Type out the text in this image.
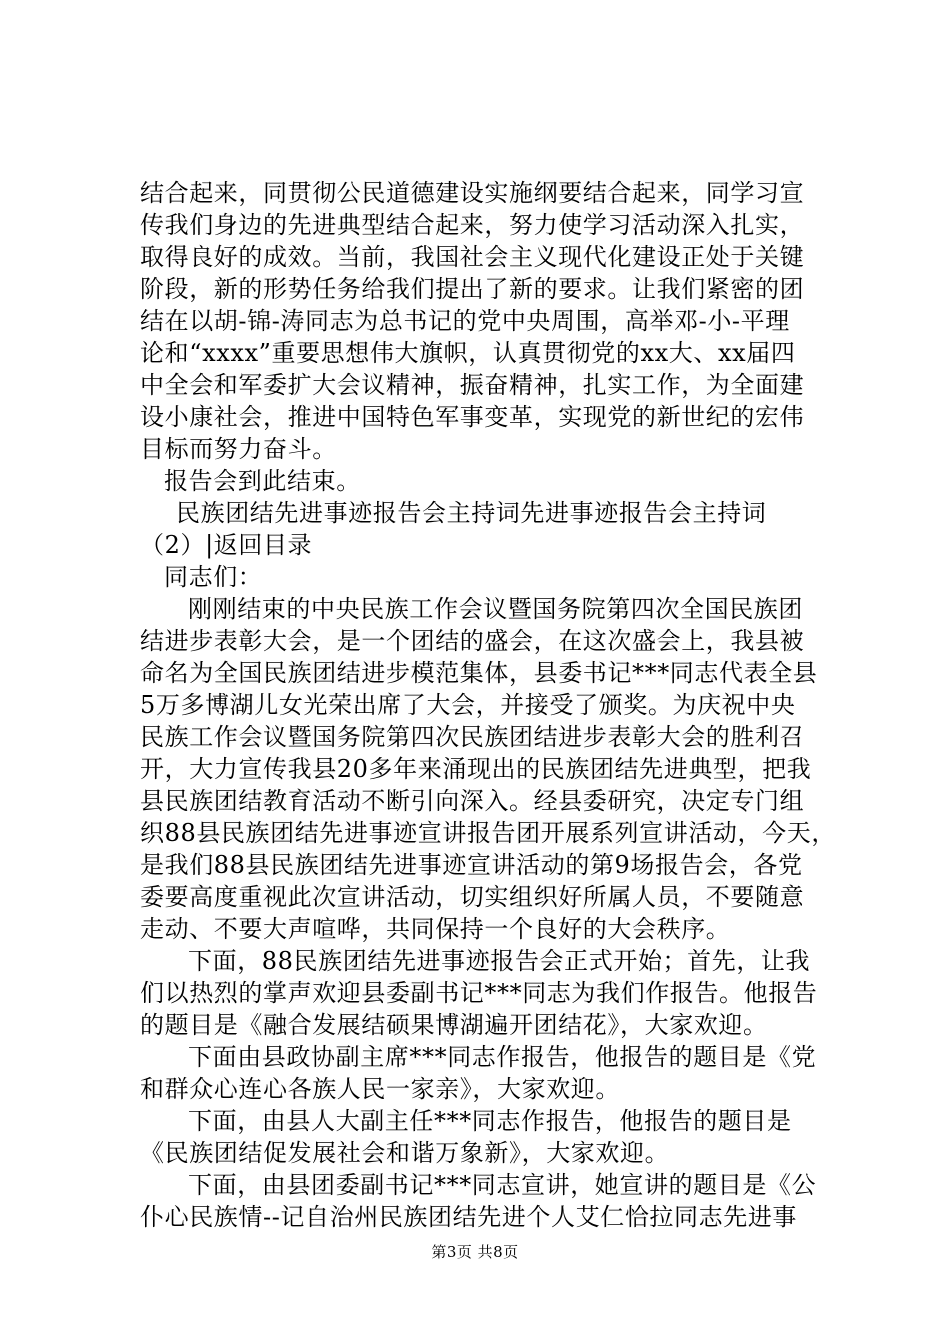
结合起来，同贯彻公民道德建设实施纲要结合起来，同学习宣
传我们身边的先进典型结合起来，努力使学习活动深入扎实，
取得良好的成效。当前，我国社会主义现代化建设正处于关键
阶段，新的形势任务给我们提出了新的要求。让我们紧密的团
结在以胡-锦-涛同志为总书记的党中央周围，高举邓-小-平理
论和“xxxx”重要思想伟大旗帜，认真贯彻党的xx大、xx届四
中全会和军委扩大会议精神，振奋精神，扎实工作，为全面建
设小康社会，推进中国特色军事变革，实现党的新世纪的宏伟
目标而努力奋斗。
报告会到此结束。
民族团结先进事迹报告会主持词先进事迹报告会主持词
（2）|返回目录
同志们：
刚刚结束的中央民族工作会议暨国务院第四次全国民族团
结进步表彰大会，是一个团结的盛会，在这次盛会上，我县被
命名为全国民族团结进步模范集体，县委书记***同志代表全县
5万多博湖儿女光荣出席了大会，并接受了颁奖。为庆祝中央
民族工作会议暨国务院第四次民族团结进步表彰大会的胜利召
开，大力宣传我县20多年来涌现出的民族团结先进典型，把我
县民族团结教育活动不断引向深入。经县委研究，决定专门组
织88县民族团结先进事迹宣讲报告团开展系列宣讲活动，今天，
是我们88县民族团结先进事迹宣讲活动的第9场报告会，各党
委要高度重视此次宣讲活动，切实组织好所属人员，不要随意
走动、不要大声喧哗，共同保持一个良好的大会秩序。
下面，88民族团结先进事迹报告会正式开始；首先，让我
们以热烈的掌声欢迎县委副书记***同志为我们作报告。他报告
的题目是《融合发展结硕果博湖遍开团结花》，大家欢迎。
下面由县政协副主席***同志作报告，他报告的题目是《党
和群众心连心各族人民一家亲》，大家欢迎。
下面，由县人大副主任***同志作报告，他报告的题目是
《民族团结促发展社会和谐万象新》，大家欢迎。
下面，由县团委副书记***同志宣讲，她宣讲的题目是《公
仆心民族情--记自治州民族团结先进个人艾仁恰拉同志先进事
第3页 共8页
